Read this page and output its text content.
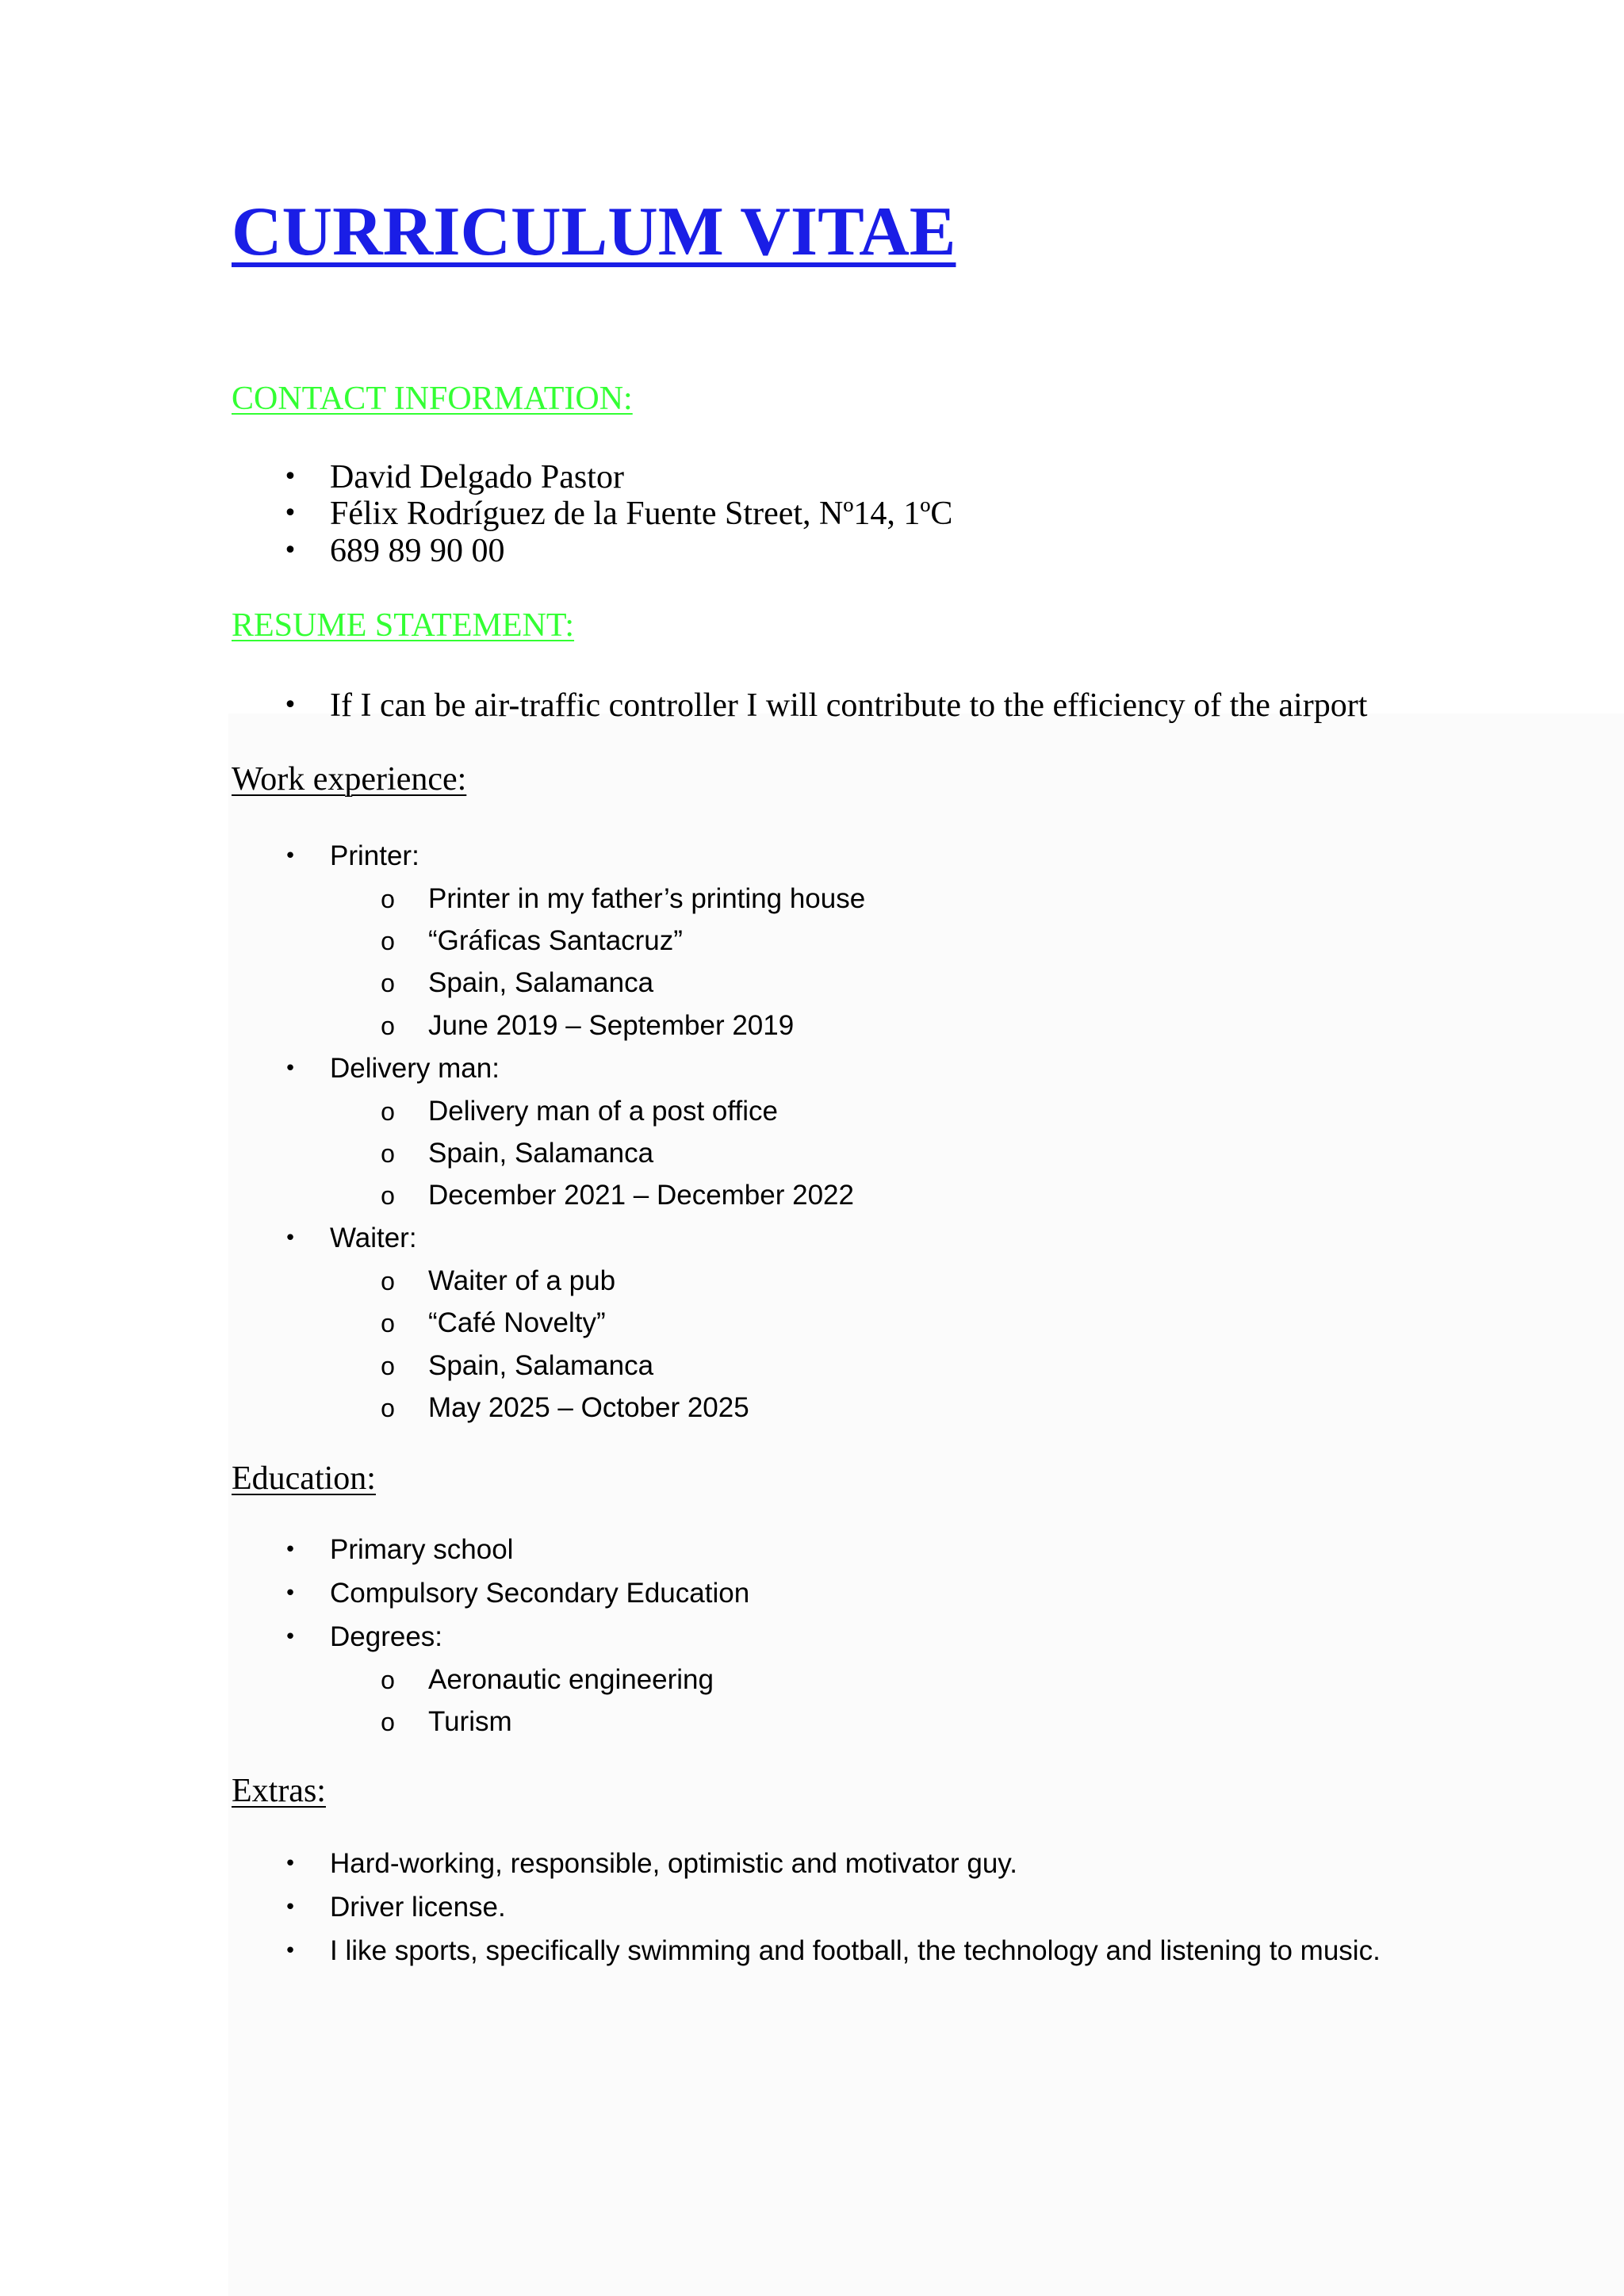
CURRICULUM VITAE
CONTACT INFORMATION:
• David Delgado Pastor
• Félix Rodríguez de la Fuente Street, Nº14, 1ºC
• 689 89 90 00
RESUME STATEMENT:
• If I can be air-traffic controller I will contribute to the efficiency of the airport
Work experience:
• Printer:
o Printer in my father’s printing house
o “Gráficas Santacruz”
o Spain, Salamanca
o June 2019 – September 2019
• Delivery man:
o Delivery man of a post office
o Spain, Salamanca
o December 2021 – December 2022
• Waiter:
o Waiter of a pub
o “Café Novelty”
o Spain, Salamanca
o May 2025 – October 2025
Education:
• Primary school
• Compulsory Secondary Education
• Degrees:
o Aeronautic engineering
o Turism
Extras:
• Hard-working, responsible, optimistic and motivator guy.
• Driver license.
• I like sports, specifically swimming and football, the technology and listening to music.
